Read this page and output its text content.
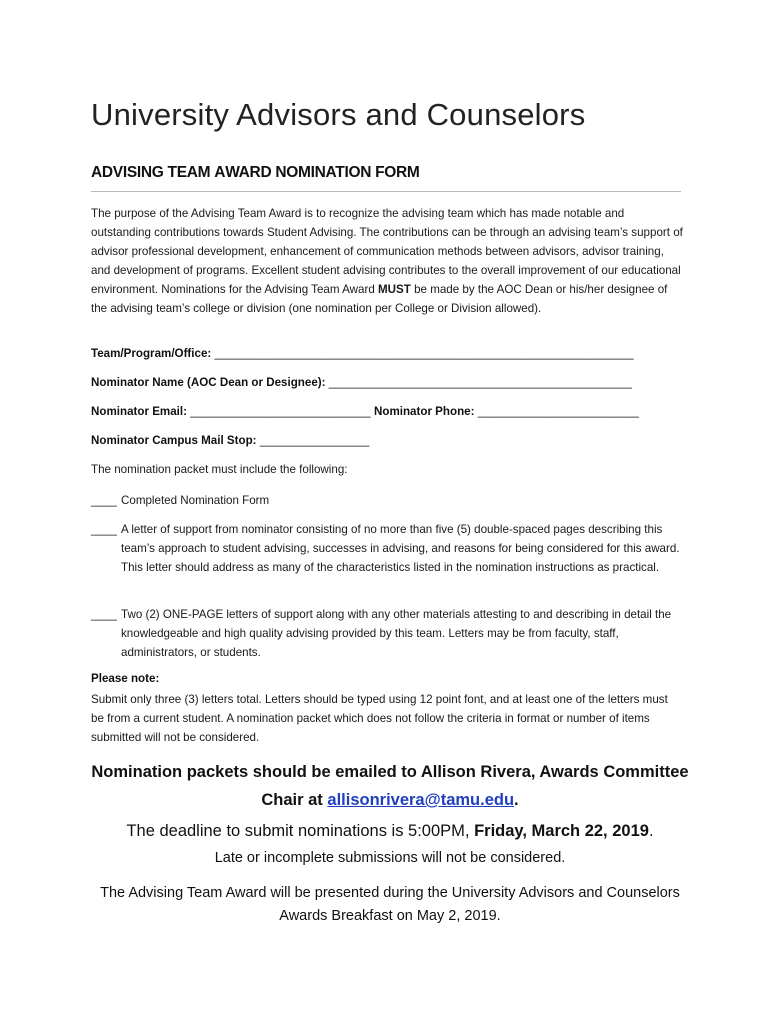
University Advisors and Counselors
ADVISING TEAM AWARD NOMINATION FORM

The purpose of the Advising Team Award is to recognize the advising team which has made notable and outstanding contributions towards Student Advising. The contributions can be through an advising team’s support of advisor professional development, enhancement of communication methods between advisors, advisor training, and development of programs. Excellent student advising contributes to the overall improvement of our educational environment. Nominations for the Advising Team Award MUST be made by the AOC Dean or his/her designee of the advising team’s college or division (one nomination per College or Division allowed).

Team/Program/Office: _________________________________________________________________
Nominator Name (AOC Dean or Designee): _______________________________________________
Nominator Email: ____________________________ Nominator Phone: _________________________
Nominator Campus Mail Stop: _________________
The nomination packet must include the following:
____ Completed Nomination Form
____ A letter of support from nominator consisting of no more than five (5) double-spaced pages describing this team’s approach to student advising, successes in advising, and reasons for being considered for this award. This letter should address as many of the characteristics listed in the nomination instructions as practical.
____ Two (2) ONE-PAGE letters of support along with any other materials attesting to and describing in detail the knowledgeable and high quality advising provided by this team. Letters may be from faculty, staff, administrators, or students.
Please note:

Submit only three (3) letters total. Letters should be typed using 12 point font, and at least one of the letters must be from a current student. A nomination packet which does not follow the criteria in format or number of items submitted will not be considered.

Nomination packets should be emailed to Allison Rivera, Awards Committee Chair at allisonrivera@tamu.edu.

The deadline to submit nominations is 5:00PM, Friday, March 22, 2019.
Late or incomplete submissions will not be considered.

The Advising Team Award will be presented during the University Advisors and Counselors Awards Breakfast on May 2, 2019.
